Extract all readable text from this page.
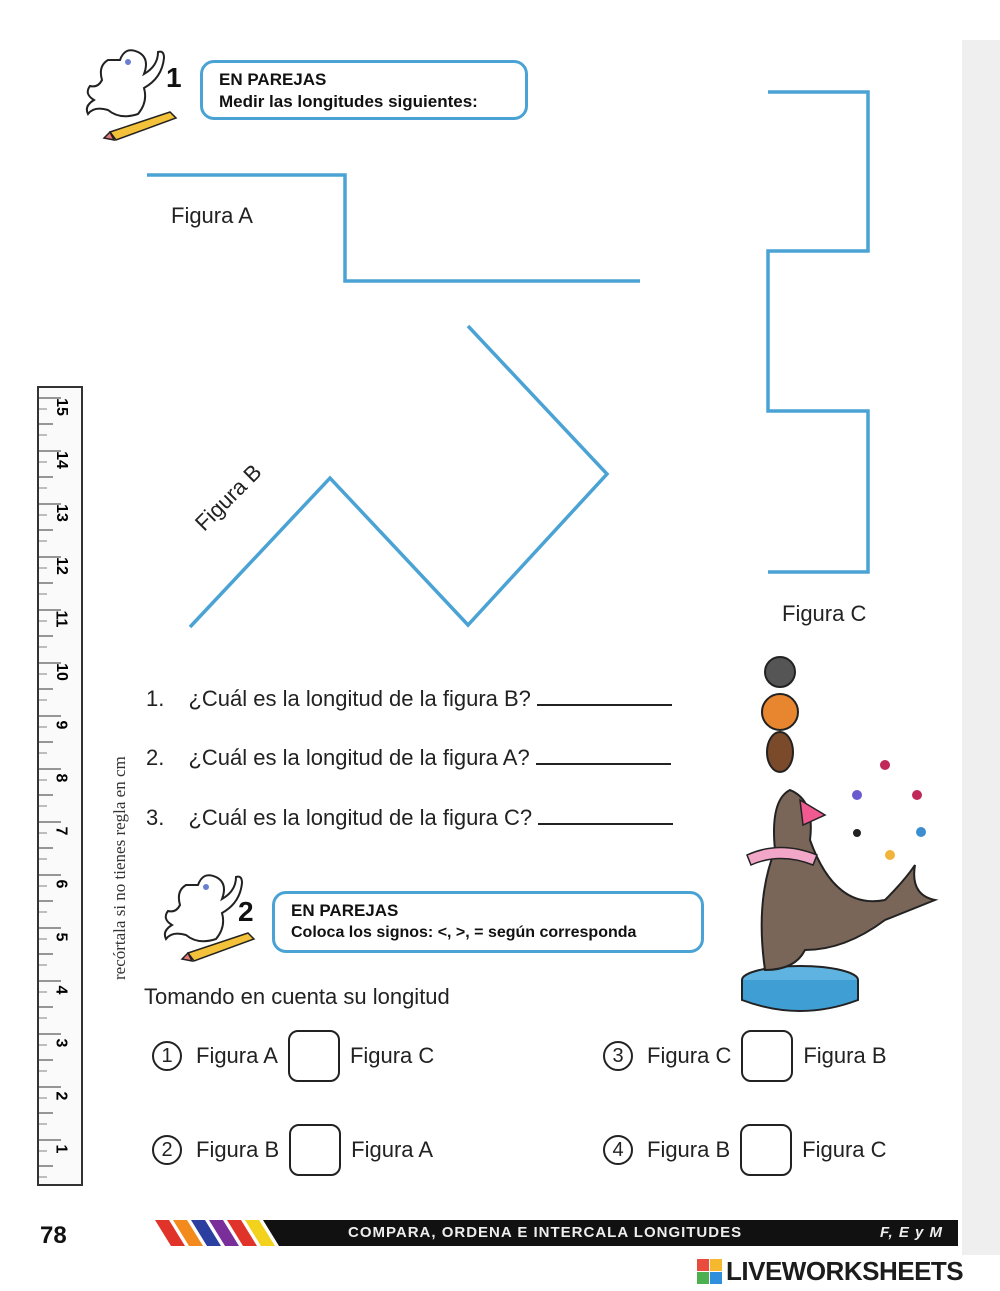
1 EN PAREJAS
Medir las longitudes siguientes:
Figura A
Figura B
Figura C
15
14
13
12
11
10
9
8
7
6
5
4
3
2
1
recórtala si no tienes regla en cm
1. ¿Cuál es la longitud de la figura B?
2. ¿Cuál es la longitud de la figura A?
3. ¿Cuál es la longitud de la figura C?
2 EN PAREJAS
Coloca los signos: <, >, = según corresponda
Tomando en cuenta su longitud
1	Figura A	Figura C
2	Figura B	Figura A
3	Figura C	Figura B
4	Figura B	Figura C
78	COMPARA, ORDENA E INTERCALA LONGITUDES	F, E y M
LIVEWORKSHEETS
